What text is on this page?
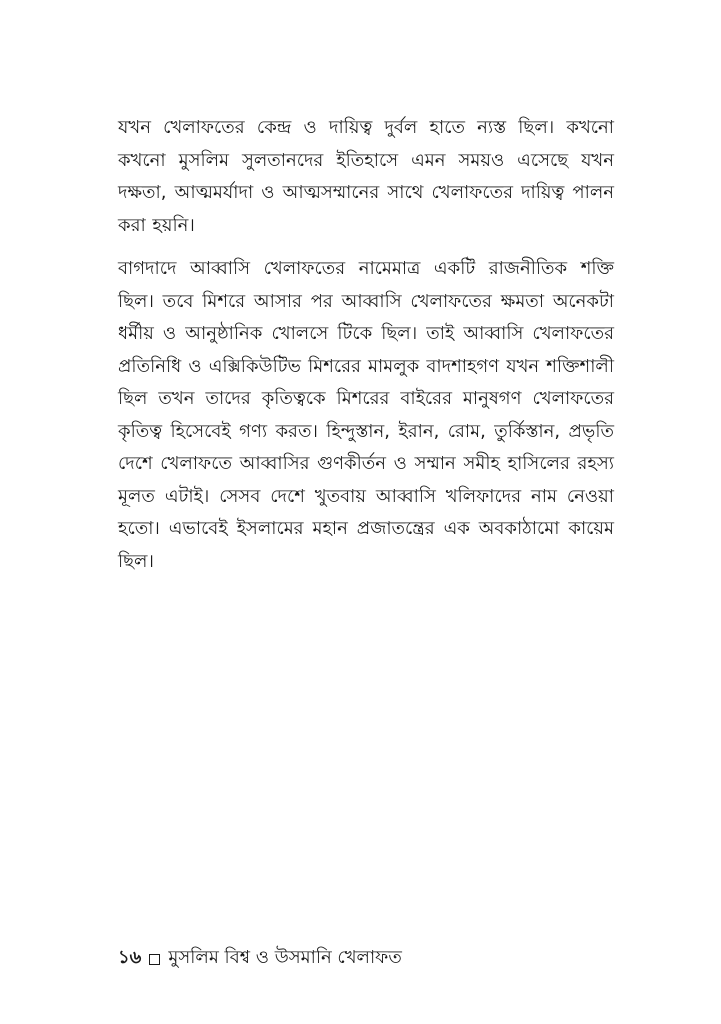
যখন খেলাফতের কেন্দ্র ও দায়িত্ব দুর্বল হাতে ন্যস্ত ছিল। কখনো কখনো মুসলিম সুলতানদের ইতিহাসে এমন সময়ও এসেছে যখন দক্ষতা, আত্মমর্যাদা ও আত্মসম্মানের সাথে খেলাফতের দায়িত্ব পালন করা হয়নি।

বাগদাদে আব্বাসি খেলাফতের নামেমাত্র একটি রাজনীতিক শক্তি ছিল। তবে মিশরে আসার পর আব্বাসি খেলাফতের ক্ষমতা অনেকটা ধর্মীয় ও আনুষ্ঠানিক খোলসে টিকে ছিল। তাই আব্বাসি খেলাফতের প্রতিনিধি ও এক্সিকিউটিভ মিশরের মামলুক বাদশাহগণ যখন শক্তিশালী ছিল তখন তাদের কৃতিত্বকে মিশরের বাইরের মানুষগণ খেলাফতের কৃতিত্ব হিসেবেই গণ্য করত। হিন্দুস্তান, ইরান, রোম, তুর্কিস্তান, প্রভৃতি দেশে খেলাফতে আব্বাসির গুণকীর্তন ও সম্মান সমীহ হাসিলের রহস্য মূলত এটাই। সেসব দেশে খুতবায় আব্বাসি খলিফাদের নাম নেওয়া হতো। এভাবেই ইসলামের মহান প্রজাতন্ত্রের এক অবকাঠামো কায়েম ছিল।

১৬ মুসলিম বিশ্ব ও উসমানি খেলাফত
